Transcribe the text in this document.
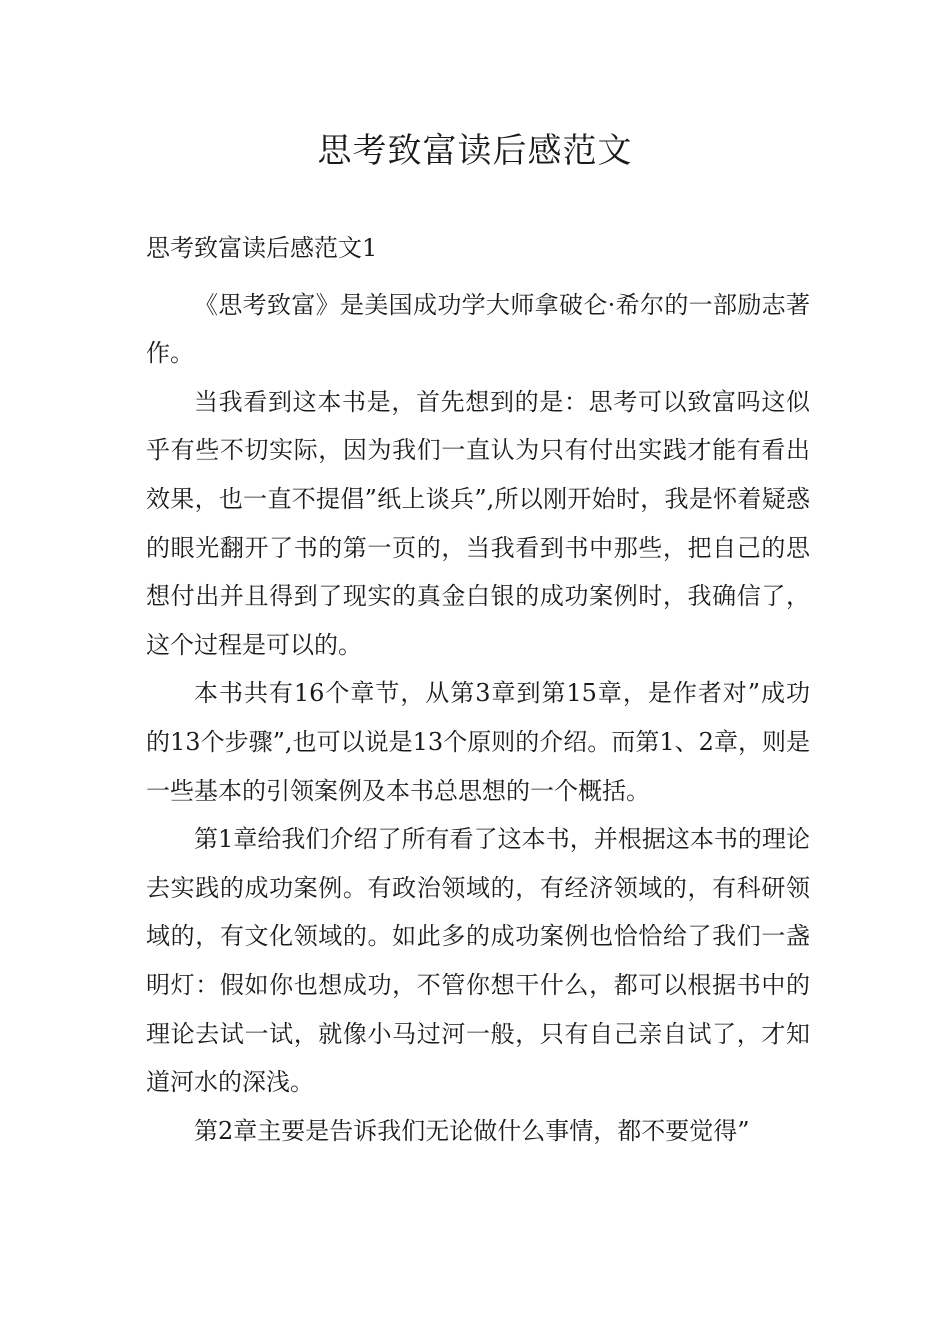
思考致富读后感范文

思考致富读后感范文1

《思考致富》是美国成功学大师拿破仑·希尔的一部励志著作。

当我看到这本书是，首先想到的是：思考可以致富吗这似乎有些不切实际，因为我们一直认为只有付出实践才能有看出效果，也一直不提倡”纸上谈兵”,所以刚开始时，我是怀着疑惑的眼光翻开了书的第一页的，当我看到书中那些，把自己的思想付出并且得到了现实的真金白银的成功案例时，我确信了，这个过程是可以的。

本书共有16个章节，从第3章到第15章，是作者对”成功的13个步骤”,也可以说是13个原则的介绍。而第1、2章，则是一些基本的引领案例及本书总思想的一个概括。

第1章给我们介绍了所有看了这本书，并根据这本书的理论去实践的成功案例。有政治领域的，有经济领域的，有科研领域的，有文化领域的。如此多的成功案例也恰恰给了我们一盏明灯：假如你也想成功，不管你想干什么，都可以根据书中的理论去试一试，就像小马过河一般，只有自己亲自试了，才知道河水的深浅。

第2章主要是告诉我们无论做什么事情，都不要觉得”
